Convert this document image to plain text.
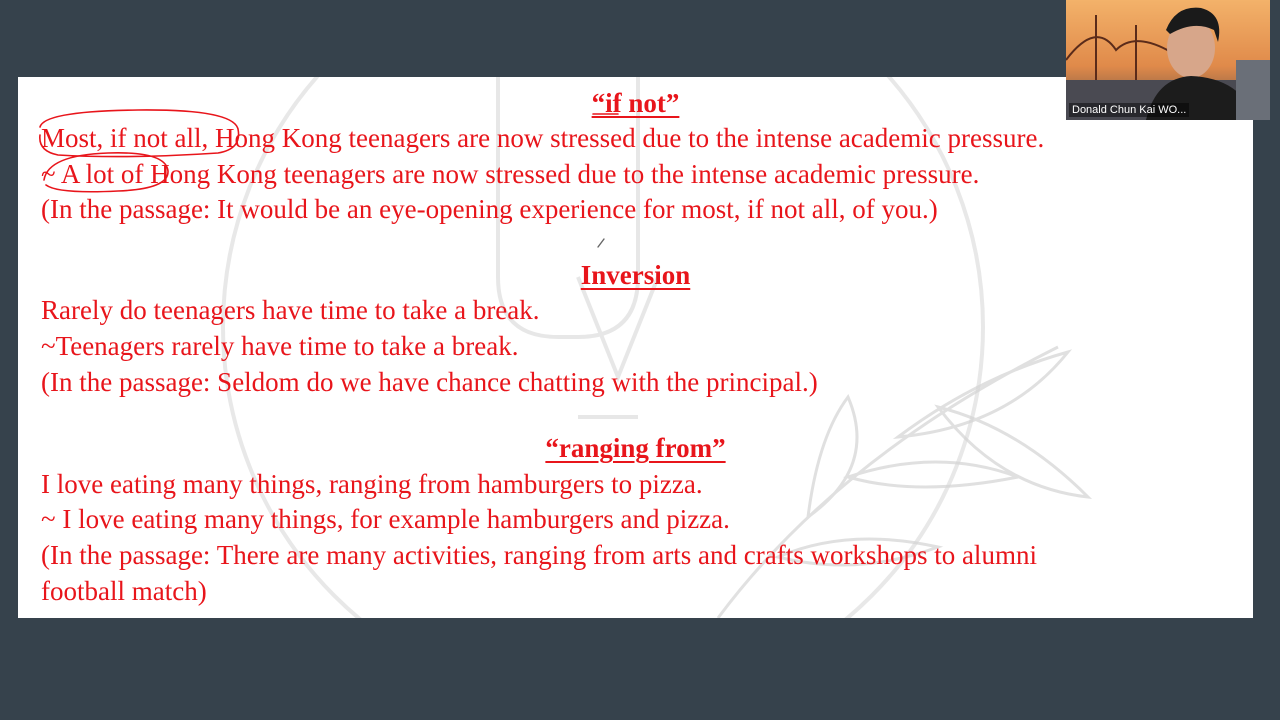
“if not”

Most, if not all, Hong Kong teenagers are now stressed due to the intense academic pressure.

~ A lot of Hong Kong teenagers are now stressed due to the intense academic pressure.

(In the passage: It would be an eye-opening experience for most, if not all, of you.)

Inversion

Rarely do teenagers have time to take a break.

~Teenagers rarely have time to take a break.

(In the passage: Seldom do we have chance chatting with the principal.)

“ranging from”

I love eating many things, ranging from hamburgers to pizza.

~ I love eating many things, for example hamburgers and pizza.

(In the passage: There are many activities, ranging from arts and crafts workshops to alumni

football match)

Donald Chun Kai WO...
